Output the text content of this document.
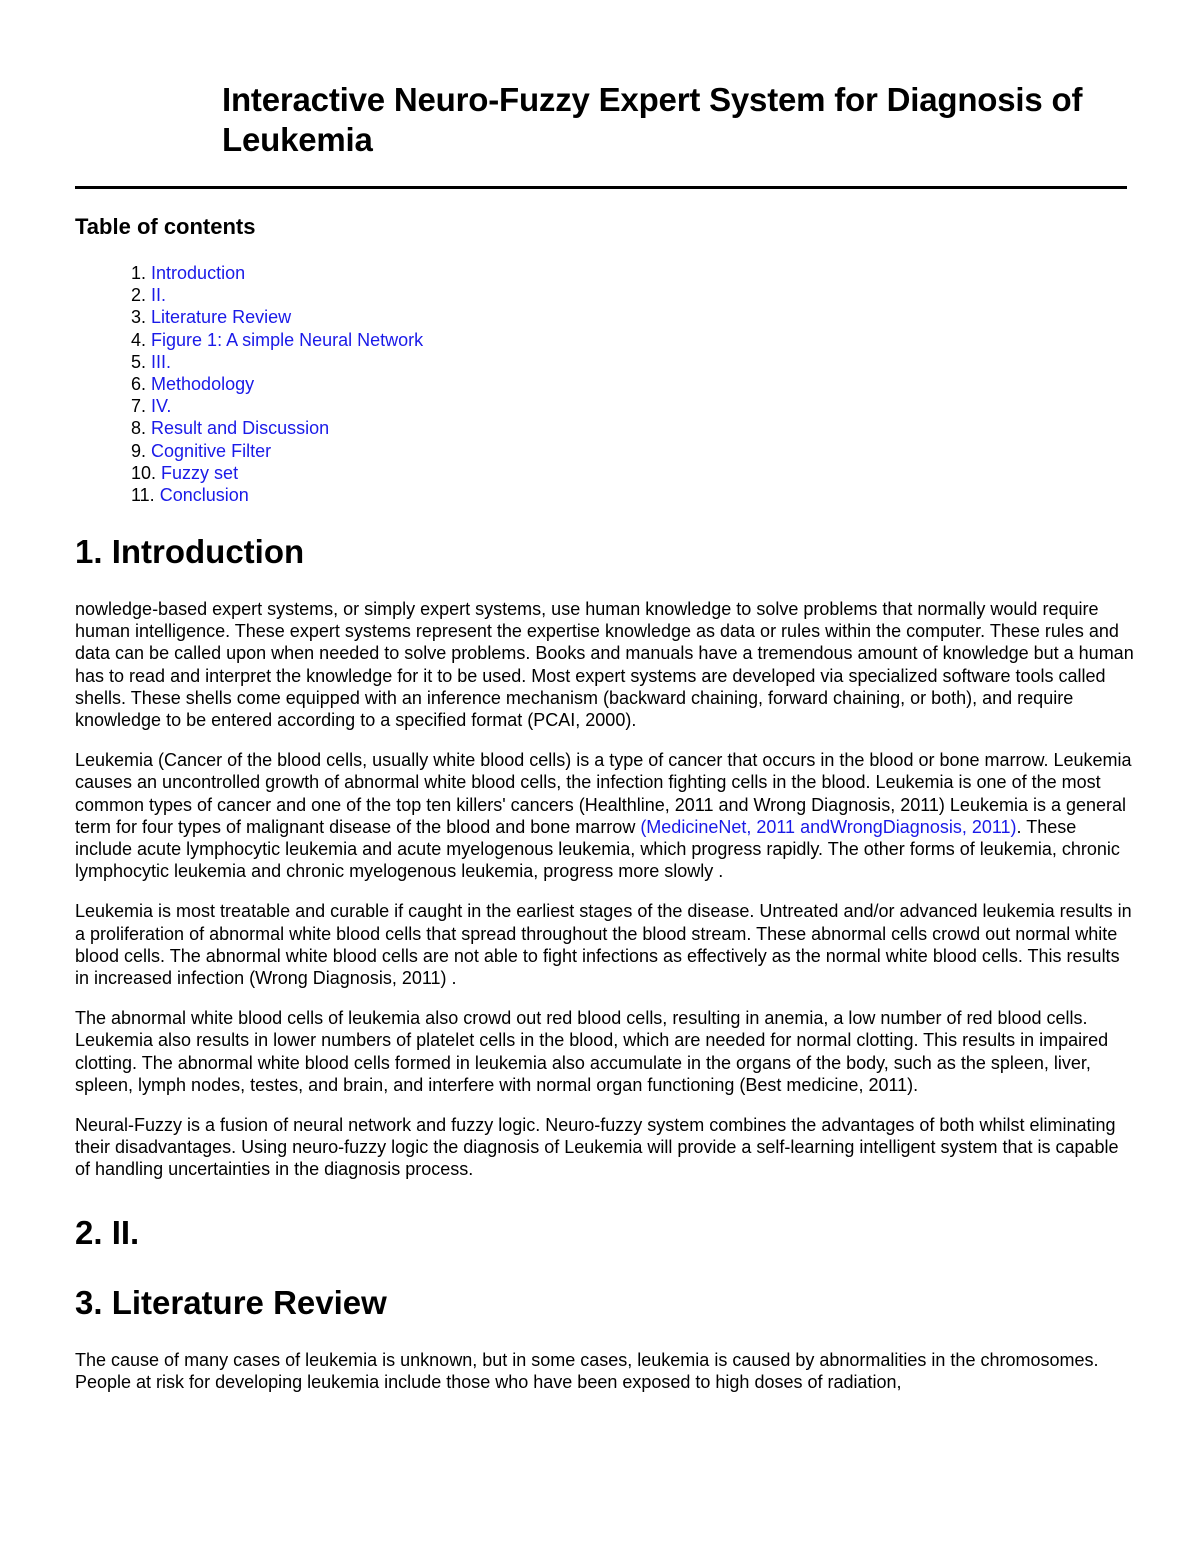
Interactive Neuro-Fuzzy Expert System for Diagnosis of Leukemia
Table of contents
1. Introduction
2. II.
3. Literature Review
4. Figure 1: A simple Neural Network
5. III.
6. Methodology
7. IV.
8. Result and Discussion
9. Cognitive Filter
10. Fuzzy set
11. Conclusion
1. Introduction

nowledge-based expert systems, or simply expert systems, use human knowledge to solve problems that normally would require human intelligence. These expert systems represent the expertise knowledge as data or rules within the computer. These rules and data can be called upon when needed to solve problems. Books and manuals have a tremendous amount of knowledge but a human has to read and interpret the knowledge for it to be used. Most expert systems are developed via specialized software tools called shells. These shells come equipped with an inference mechanism (backward chaining, forward chaining, or both), and require knowledge to be entered according to a specified format (PCAI, 2000).

Leukemia (Cancer of the blood cells, usually white blood cells) is a type of cancer that occurs in the blood or bone marrow. Leukemia causes an uncontrolled growth of abnormal white blood cells, the infection fighting cells in the blood. Leukemia is one of the most common types of cancer and one of the top ten killers' cancers (Healthline, 2011 and Wrong Diagnosis, 2011) Leukemia is a general term for four types of malignant disease of the blood and bone marrow (MedicineNet, 2011 andWrongDiagnosis, 2011). These include acute lymphocytic leukemia and acute myelogenous leukemia, which progress rapidly. The other forms of leukemia, chronic lymphocytic leukemia and chronic myelogenous leukemia, progress more slowly .

Leukemia is most treatable and curable if caught in the earliest stages of the disease. Untreated and/or advanced leukemia results in a proliferation of abnormal white blood cells that spread throughout the blood stream. These abnormal cells crowd out normal white blood cells. The abnormal white blood cells are not able to fight infections as effectively as the normal white blood cells. This results in increased infection (Wrong Diagnosis, 2011) .

The abnormal white blood cells of leukemia also crowd out red blood cells, resulting in anemia, a low number of red blood cells. Leukemia also results in lower numbers of platelet cells in the blood, which are needed for normal clotting. This results in impaired clotting. The abnormal white blood cells formed in leukemia also accumulate in the organs of the body, such as the spleen, liver, spleen, lymph nodes, testes, and brain, and interfere with normal organ functioning (Best medicine, 2011).

Neural-Fuzzy is a fusion of neural network and fuzzy logic. Neuro-fuzzy system combines the advantages of both whilst eliminating their disadvantages. Using neuro-fuzzy logic the diagnosis of Leukemia will provide a self-learning intelligent system that is capable of handling uncertainties in the diagnosis process.

2. II.
3. Literature Review

The cause of many cases of leukemia is unknown, but in some cases, leukemia is caused by abnormalities in the chromosomes. People at risk for developing leukemia include those who have been exposed to high doses of radiation,
